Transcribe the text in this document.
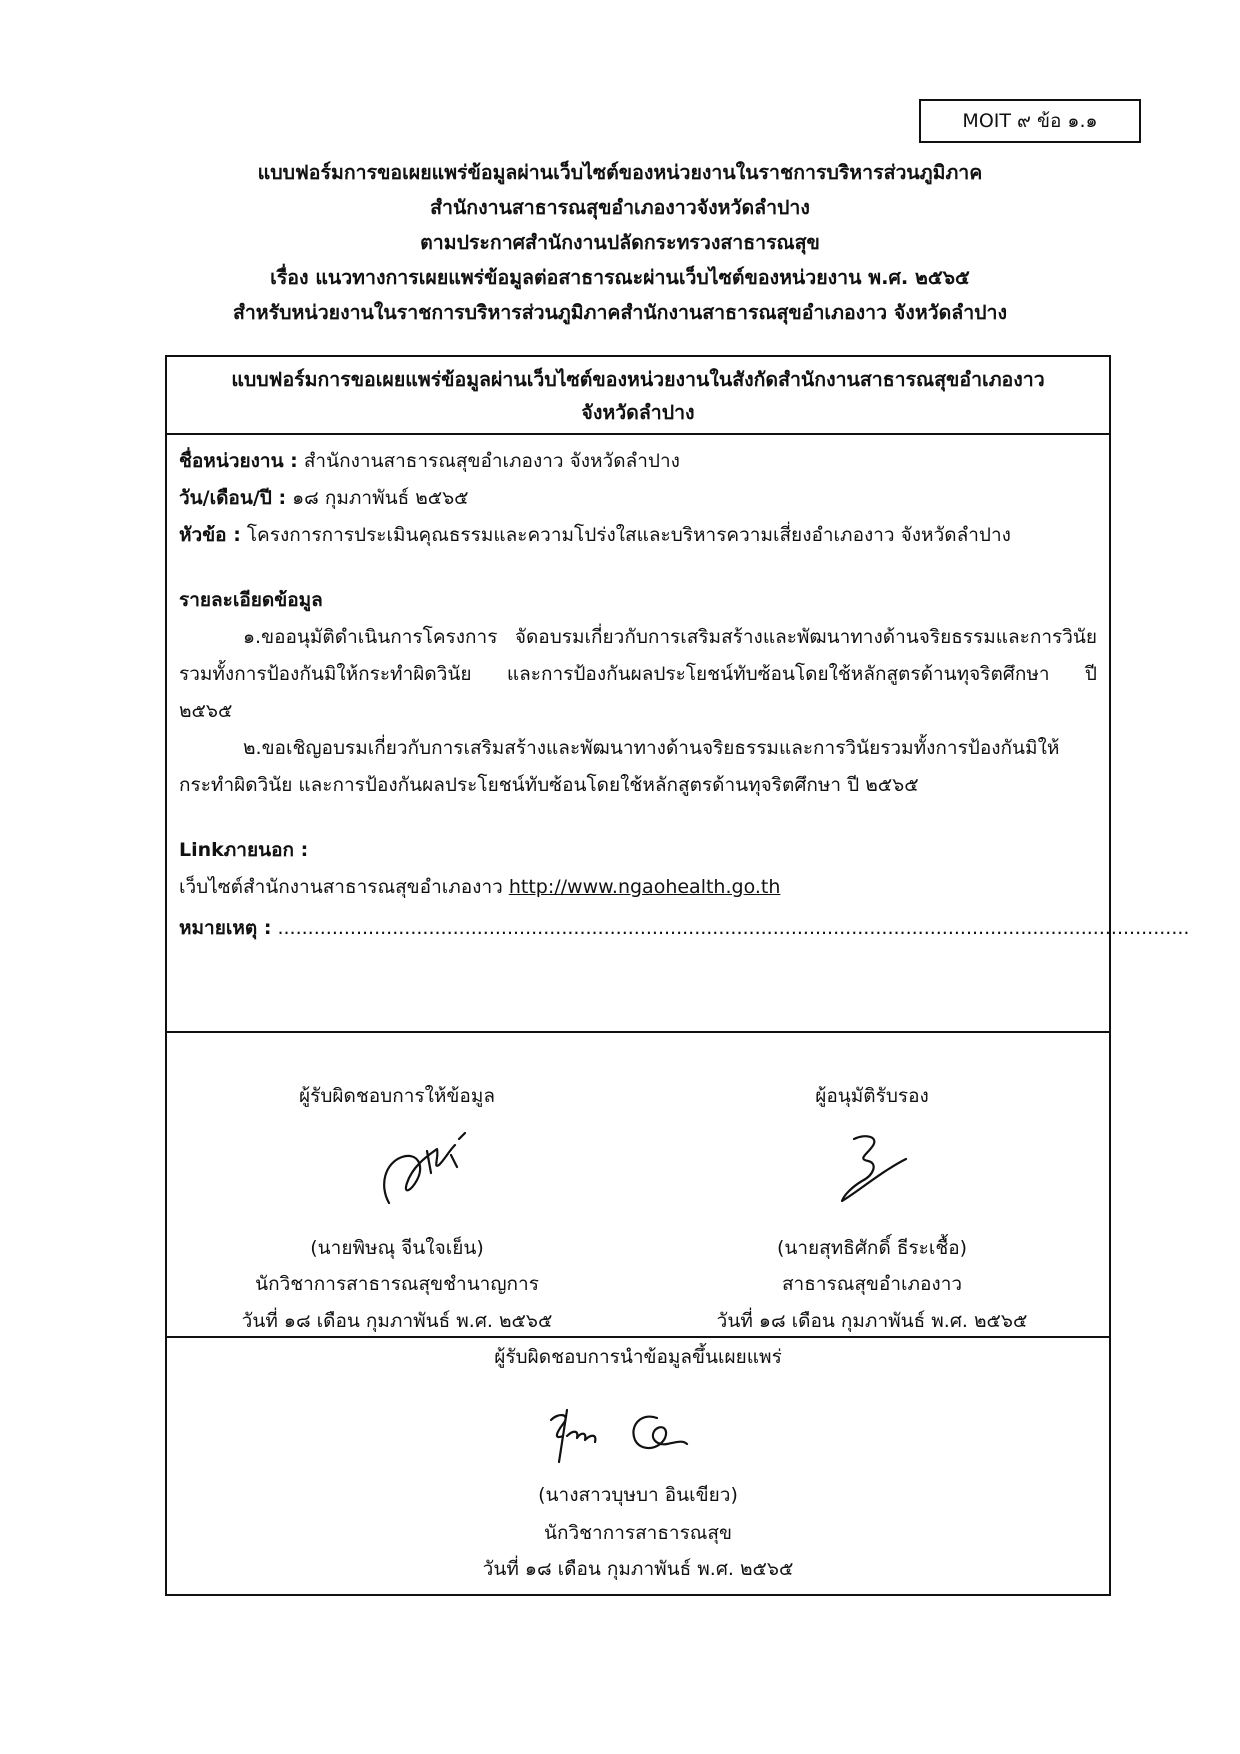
MOIT ๙ ข้อ ๑.๑
แบบฟอร์มการขอเผยแพร่ข้อมูลผ่านเว็บไซต์ของหน่วยงานในราชการบริหารส่วนภูมิภาค
สำนักงานสาธารณสุขอำเภองาวจังหวัดลำปาง
ตามประกาศสำนักงานปลัดกระทรวงสาธารณสุข
เรื่อง แนวทางการเผยแพร่ข้อมูลต่อสาธารณะผ่านเว็บไซต์ของหน่วยงาน พ.ศ. ๒๕๖๕
สำหรับหน่วยงานในราชการบริหารส่วนภูมิภาคสำนักงานสาธารณสุขอำเภองาว จังหวัดลำปาง
แบบฟอร์มการขอเผยแพร่ข้อมูลผ่านเว็บไซต์ของหน่วยงานในสังกัดสำนักงานสาธารณสุขอำเภองาว
จังหวัดลำปาง
ชื่อหน่วยงาน : สำนักงานสาธารณสุขอำเภองาว จังหวัดลำปาง
วัน/เดือน/ปี : ๑๘ กุมภาพันธ์ ๒๕๖๕
หัวข้อ : โครงการการประเมินคุณธรรมและความโปร่งใสและบริหารความเสี่ยงอำเภองาว จังหวัดลำปาง
รายละเอียดข้อมูล
๑.ขออนุมัติดำเนินการโครงการ จัดอบรมเกี่ยวกับการเสริมสร้างและพัฒนาทางด้านจริยธรรมและการวินัย รวมทั้งการป้องกันมิให้กระทำผิดวินัย และการป้องกันผลประโยชน์ทับซ้อนโดยใช้หลักสูตรด้านทุจริตศึกษา ปี ๒๕๖๕
๒.ขอเชิญอบรมเกี่ยวกับการเสริมสร้างและพัฒนาทางด้านจริยธรรมและการวินัยรวมทั้งการป้องกันมิให้กระทำผิดวินัย และการป้องกันผลประโยชน์ทับซ้อนโดยใช้หลักสูตรด้านทุจริตศึกษา ปี ๒๕๖๕
Linkภายนอก :
เว็บไซต์สำนักงานสาธารณสุขอำเภองาว http://www.ngaohealth.go.th
หมายเหตุ : .......................................................................................................................................................
ผู้รับผิดชอบการให้ข้อมูล
(นายพิษณุ จีนใจเย็น)
นักวิชาการสาธารณสุขชำนาญการ
วันที่ ๑๘ เดือน กุมภาพันธ์ พ.ศ. ๒๕๖๕
ผู้อนุมัติรับรอง
(นายสุทธิศักดิ์ ธีระเชื้อ)
สาธารณสุขอำเภองาว
วันที่ ๑๘ เดือน กุมภาพันธ์ พ.ศ. ๒๕๖๕
ผู้รับผิดชอบการนำข้อมูลขึ้นเผยแพร่
(นางสาวบุษบา อินเขียว)
นักวิชาการสาธารณสุข
วันที่ ๑๘ เดือน กุมภาพันธ์ พ.ศ. ๒๕๖๕
